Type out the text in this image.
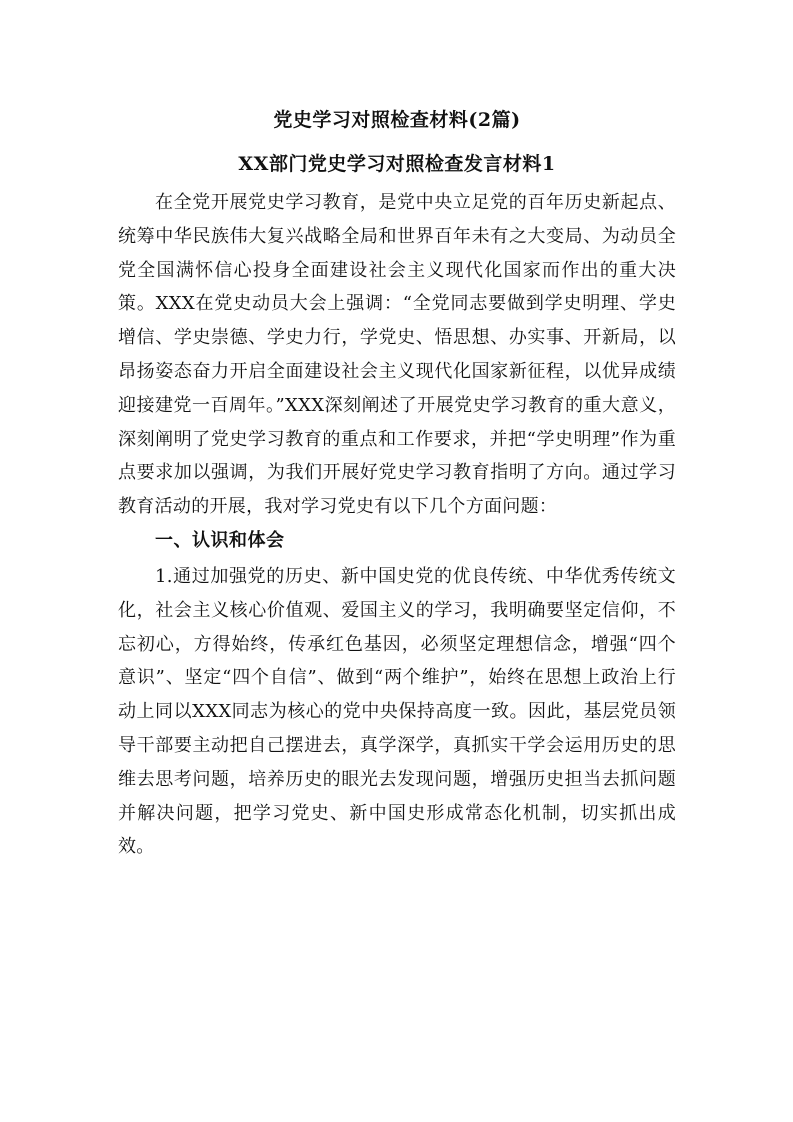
党史学习对照检查材料(2篇)
XX部门党史学习对照检查发言材料1

在全党开展党史学习教育，是党中央立足党的百年历史新起点、统筹中华民族伟大复兴战略全局和世界百年未有之大变局、为动员全党全国满怀信心投身全面建设社会主义现代化国家而作出的重大决策。XXX在党史动员大会上强调：“全党同志要做到学史明理、学史增信、学史崇德、学史力行，学党史、悟思想、办实事、开新局，以昂扬姿态奋力开启全面建设社会主义现代化国家新征程，以优异成绩迎接建党一百周年。”XXX深刻阐述了开展党史学习教育的重大意义，深刻阐明了党史学习教育的重点和工作要求，并把“学史明理”作为重点要求加以强调，为我们开展好党史学习教育指明了方向。通过学习教育活动的开展，我对学习党史有以下几个方面问题：

一、认识和体会

1.通过加强党的历史、新中国史党的优良传统、中华优秀传统文化，社会主义核心价值观、爱国主义的学习，我明确要坚定信仰，不忘初心，方得始终，传承红色基因，必须坚定理想信念，增强“四个意识”、坚定“四个自信”、做到“两个维护”，始终在思想上政治上行动上同以XXX同志为核心的党中央保持高度一致。因此，基层党员领导干部要主动把自己摆进去，真学深学，真抓实干学会运用历史的思维去思考问题，培养历史的眼光去发现问题，增强历史担当去抓问题并解决问题，把学习党史、新中国史形成常态化机制，切实抓出成效。
